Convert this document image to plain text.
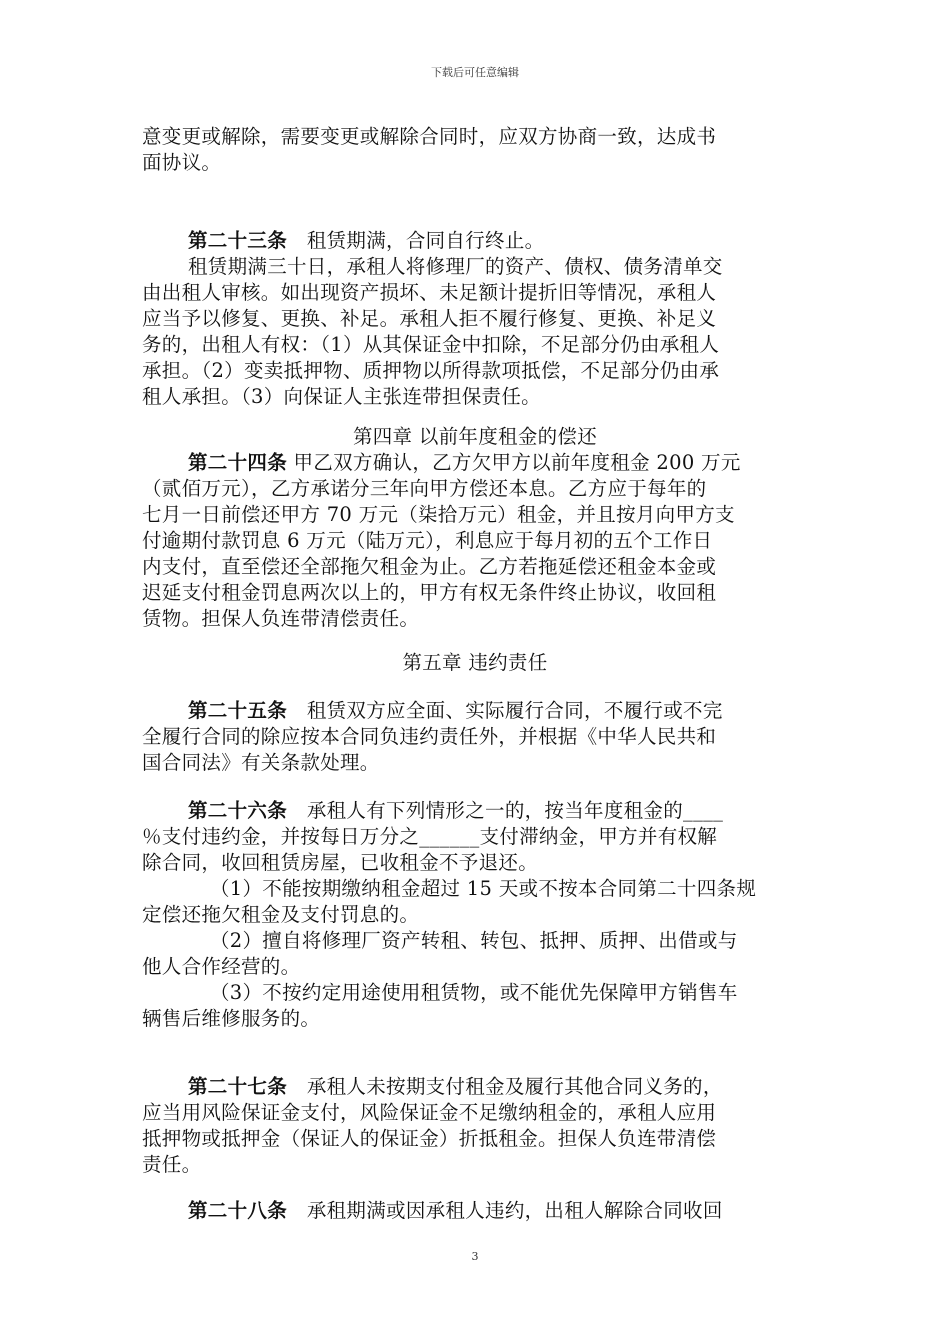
下载后可任意编辑
意变更或解除，需要变更或解除合同时，应双方协商一致，达成书
面协议。
第二十三条　租赁期满，合同自行终止。
租赁期满三十日，承租人将修理厂的资产、债权、债务清单交
由出租人审核。如出现资产损坏、未足额计提折旧等情况，承租人
应当予以修复、更换、补足。承租人拒不履行修复、更换、补足义
务的，出租人有权：（1）从其保证金中扣除，不足部分仍由承租人
承担。（2）变卖抵押物、质押物以所得款项抵偿，不足部分仍由承
租人承担。（3）向保证人主张连带担保责任。
第四章 以前年度租金的偿还
第二十四条 甲乙双方确认，乙方欠甲方以前年度租金 200 万元
（贰佰万元），乙方承诺分三年向甲方偿还本息。乙方应于每年的
七月一日前偿还甲方 70 万元（柒拾万元）租金，并且按月向甲方支
付逾期付款罚息 6 万元（陆万元），利息应于每月初的五个工作日
内支付，直至偿还全部拖欠租金为止。乙方若拖延偿还租金本金或
迟延支付租金罚息两次以上的，甲方有权无条件终止协议，收回租
赁物。担保人负连带清偿责任。
第五章 违约责任
第二十五条　租赁双方应全面、实际履行合同，不履行或不完
全履行合同的除应按本合同负违约责任外，并根据《中华人民共和
国合同法》有关条款处理。
第二十六条　承租人有下列情形之一的，按当年度租金的____
％支付违约金，并按每日万分之______支付滞纳金，甲方并有权解
除合同，收回租赁房屋，已收租金不予退还。
（1）不能按期缴纳租金超过 15 天或不按本合同第二十四条规
定偿还拖欠租金及支付罚息的。
（2）擅自将修理厂资产转租、转包、抵押、质押、出借或与
他人合作经营的。
（3）不按约定用途使用租赁物，或不能优先保障甲方销售车
辆售后维修服务的。
第二十七条　承租人未按期支付租金及履行其他合同义务的，
应当用风险保证金支付，风险保证金不足缴纳租金的，承租人应用
抵押物或抵押金（保证人的保证金）折抵租金。担保人负连带清偿
责任。
第二十八条　承租期满或因承租人违约，出租人解除合同收回
3
